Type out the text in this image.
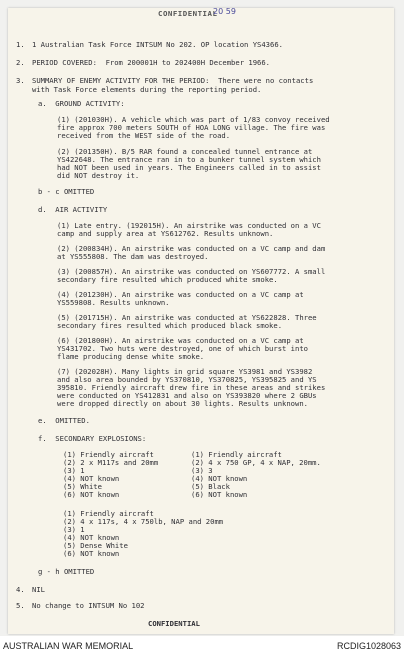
CONFIDENTIAL

20 59

1. 1 Australian Task Force INTSUM No 202. OP location YS4366.

2. PERIOD COVERED:  From 200001H to 202400H December 1966.

3. SUMMARY OF ENEMY ACTIVITY FOR THE PERIOD:  There were no contacts

with Task Force elements during the reporting period.

a.  GROUND ACTIVITY:

(1) (201030H). A vehicle which was part of 1/83 convoy received

fire approx 700 meters SOUTH of HOA LONG village. The fire was

received from the WEST side of the road.

(2) (201350H). B/5 RAR found a concealed tunnel entrance at

YS422648. The entrance ran in to a bunker tunnel system which

had NOT been used in years. The Engineers called in to assist

did NOT destroy it.

b - c OMITTED

d.  AIR ACTIVITY

(1) Late entry. (192015H). An airstrike was conducted on a VC

camp and supply area at YS612762. Results unknown.

(2) (200834H). An airstrike was conducted on a VC camp and dam

at YS555808. The dam was destroyed.

(3) (200857H). An airstrike was conducted on YS607772. A small

secondary fire resulted which produced white smoke.

(4) (201230H). An airstrike was conducted on a VC camp at

YS559808. Results unknown.

(5) (201715H). An airstrike was conducted at YS622828. Three

secondary fires resulted which produced black smoke.

(6) (201800H). An airstrike was conducted on a VC camp at

YS431702. Two huts were destroyed, one of which burst into

flame producing dense white smoke.

(7) (202028H). Many lights in grid square YS3981 and YS3982

and also area bounded by YS370810, YS370825, YS395825 and YS

395810. Friendly aircraft drew fire in these areas and strikes

were conducted on YS412831 and also on YS393820 where 2 GBUs

were dropped directly on about 30 lights. Results unknown.

e.  OMITTED.

f.  SECONDARY EXPLOSIONS:

(1) Friendly aircraft

(2) 2 x M117s and 20mm

(3) 1

(4) NOT known

(5) White

(6) NOT known

(1) Friendly aircraft

(2) 4 x 750 GP, 4 x NAP, 20mm.

(3) 3

(4) NOT known

(5) Black

(6) NOT known

(1) Friendly aircraft

(2) 4 x 117s, 4 x 750lb, NAP and 20mm

(3) 1

(4) NOT known

(5) Dense White

(6) NOT known

g - h OMITTED

4. NIL

5. No change to INTSUM No 102

CONFIDENTIAL

AUSTRALIAN WAR MEMORIAL	RCDIG1028063
